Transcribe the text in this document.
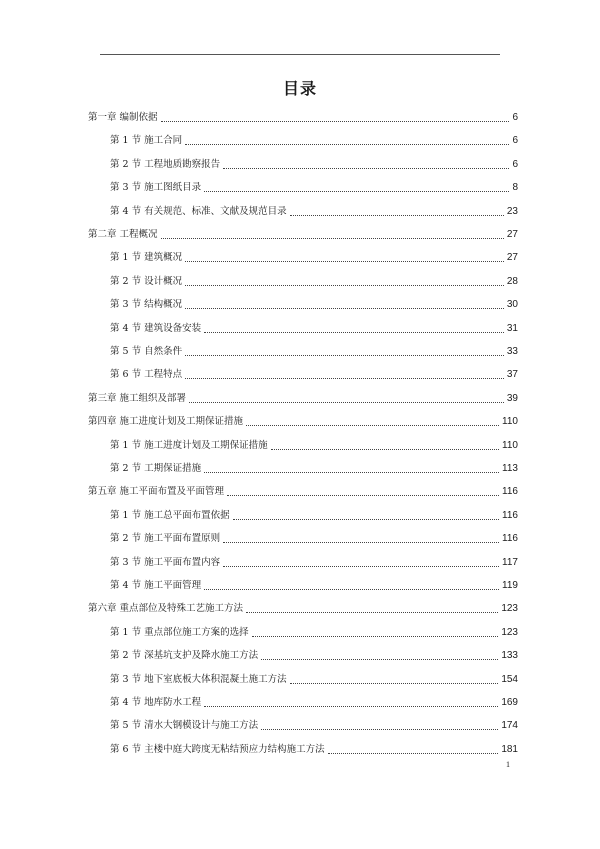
目录
第一章 编制依据	6
第 1 节 施工合同	6
第 2 节 工程地质勘察报告	6
第 3 节 施工图纸目录	8
第 4 节 有关规范、标准、文献及规范目录	23
第二章 工程概况	27
第 1 节 建筑概况	27
第 2 节 设计概况	28
第 3 节 结构概况	30
第 4 节 建筑设备安装	31
第 5 节 自然条件	33
第 6 节 工程特点	37
第三章 施工组织及部署	39
第四章 施工进度计划及工期保证措施	110
第 1 节 施工进度计划及工期保证措施	110
第 2 节 工期保证措施	113
第五章 施工平面布置及平面管理	116
第 1 节 施工总平面布置依据	116
第 2 节 施工平面布置原则	116
第 3 节 施工平面布置内容	117
第 4 节 施工平面管理	119
第六章 重点部位及特殊工艺施工方法	123
第 1 节 重点部位施工方案的选择	123
第 2 节 深基坑支护及降水施工方法	133
第 3 节 地下室底板大体积混凝土施工方法	154
第 4 节 地库防水工程	169
第 5 节 清水大钢模设计与施工方法	174
第 6 节 主楼中庭大跨度无粘结预应力结构施工方法	181
1
